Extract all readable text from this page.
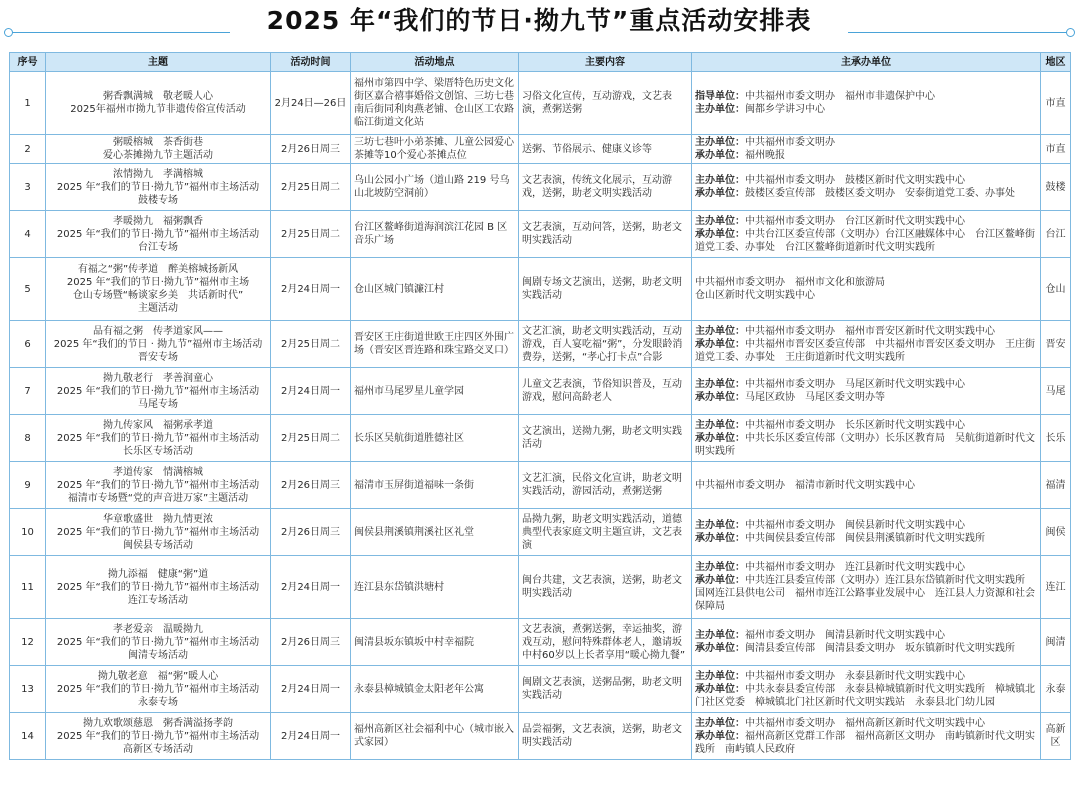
2025 年“我们的节日·拗九节”重点活动安排表
序号	主题	活动时间	活动地点	主要内容	主承办单位	地区
1	粥香飘满城　敬老暖人心
2025年福州市拗九节非遗传俗宣传活动	2月24日—26日	福州市第四中学、梁厝特色历史文化街区嘉合禧事婚俗文创馆、三坊七巷南后街同利肉燕老铺、仓山区工农路临江街道文化站	习俗文化宣传，互动游戏，文艺表演，煮粥送粥	指导单位：中共福州市委文明办　福州市非遗保护中心
主办单位：闽都乡学讲习中心	市直
2	粥暖榕城　茶香街巷
爱心茶摊拗九节主题活动	2月26日周三	三坊七巷叶小弟茶摊、儿童公园爱心茶摊等10个爱心茶摊点位	送粥、节俗展示、健康义诊等	主办单位：中共福州市委文明办
承办单位：福州晚报	市直
3	浓情拗九　孝满榕城
2025 年“我们的节日·拗九节”福州市主场活动
鼓楼专场	2月25日周二	乌山公园小广场（道山路 219 号乌山北坡防空洞前）	文艺表演，传统文化展示，互动游戏，送粥，助老文明实践活动	主办单位：中共福州市委文明办　鼓楼区新时代文明实践中心
承办单位：鼓楼区委宣传部　鼓楼区委文明办　安泰街道党工委、办事处	鼓楼
4	孝暖拗九　福粥飘香
2025 年“我们的节日·拗九节”福州市主场活动
台江专场	2月25日周二	台江区鳌峰街道海润滨江花园 B 区音乐广场	文艺表演，互动问答，送粥，助老文明实践活动	主办单位：中共福州市委文明办　台江区新时代文明实践中心
承办单位：中共台江区委宣传部（文明办）台江区融媒体中心　台江区鳌峰街道党工委、办事处　台江区鳌峰街道新时代文明实践所	台江
5	有福之“粥”传孝道　醉美榕城扬新风
2025 年“我们的节日·拗九节”福州市主场
仓山专场暨“畅谈家乡美　共话新时代”
主题活动	2月24日周一	仓山区城门镇濂江村	闽剧专场文艺演出，送粥，助老文明实践活动	中共福州市委文明办　福州市文化和旅游局
仓山区新时代文明实践中心	仓山
6	品有福之粥　传孝道家风——
2025 年“我们的节日 · 拗九节”福州市主场活动
晋安专场	2月25日周二	晋安区王庄街道世欧王庄四区外围广场（晋安区晋连路和珠宝路交叉口）	文艺汇演，助老文明实践活动，互动游戏，百人宴吃福“粥”，分发眼龄消费券，送粥，“孝心打卡点”合影	主办单位：中共福州市委文明办　福州市晋安区新时代文明实践中心
承办单位：中共福州市晋安区委宣传部　中共福州市晋安区委文明办　王庄街道党工委、办事处　王庄街道新时代文明实践所	晋安
7	拗九敬老行　孝善润童心
2025 年“我们的节日·拗九节”福州市主场活动
马尾专场	2月24日周一	福州市马尾罗星儿童学园	儿童文艺表演，节俗知识普及，互动游戏，慰问高龄老人	主办单位：中共福州市委文明办　马尾区新时代文明实践中心
承办单位：马尾区政协　马尾区委文明办等	马尾
8	拗九传家风　福粥承孝道
2025 年“我们的节日·拗九节”福州市主场活动
长乐区专场活动	2月25日周二	长乐区吴航街道胜德社区	文艺演出，送拗九粥，助老文明实践活动	主办单位：中共福州市委文明办　长乐区新时代文明实践中心
承办单位：中共长乐区委宣传部（文明办）长乐区教育局　吴航街道新时代文明实践所	长乐
9	孝道传家　情满榕城
2025 年“我们的节日·拗九节”福州市主场活动
福清市专场暨“党的声音进万家”主题活动	2月26日周三	福清市玉屏街道福味一条街	文艺汇演，民俗文化宣讲，助老文明实践活动，游园活动，煮粥送粥	中共福州市委文明办　福清市新时代文明实践中心	福清
10	华章歌盛世　拗九情更浓
2025 年“我们的节日·拗九节”福州市主场活动
闽侯县专场活动	2月26日周三	闽侯县荆溪镇荆溪社区礼堂	品拗九粥，助老文明实践活动，道德典型代表家庭文明主题宣讲，文艺表演	主办单位：中共福州市委文明办　闽侯县新时代文明实践中心
承办单位：中共闽侯县委宣传部　闽侯县荆溪镇新时代文明实践所	闽侯
11	拗九添福　健康“粥”道
2025 年“我们的节日·拗九节”福州市主场活动
连江专场活动	2月24日周一	连江县东岱镇洪塘村	闽台共建，文艺表演，送粥，助老文明实践活动	主办单位：中共福州市委文明办　连江县新时代文明实践中心
承办单位：中共连江县委宣传部（文明办）连江县东岱镇新时代文明实践所　国网连江县供电公司　福州市连江公路事业发展中心　连江县人力资源和社会保障局	连江
12	孝老爱亲　温暖拗九
2025 年“我们的节日·拗九节”福州市主场活动
闽清专场活动	2月26日周三	闽清县坂东镇坂中村幸福院	文艺表演，煮粥送粥，幸运抽奖，游戏互动，慰问特殊群体老人，邀请坂中村60岁以上长者享用“暖心拗九餐”	主办单位：福州市委文明办　闽清县新时代文明实践中心
承办单位：闽清县委宣传部　闽清县委文明办　坂东镇新时代文明实践所	闽清
13	拗九敬老意　福“粥”暖人心
2025 年“我们的节日·拗九节”福州市主场活动
永泰专场	2月24日周一	永泰县樟城镇金太阳老年公寓	闽剧文艺表演，送粥品粥，助老文明实践活动	主办单位：中共福州市委文明办　永泰县新时代文明实践中心
承办单位：中共永泰县委宣传部　永泰县樟城镇新时代文明实践所　樟城镇北门社区党委　樟城镇北门社区新时代文明实践站　永泰县北门幼儿园	永泰
14	拗九欢歌颂慈恩　粥香满溢扬孝韵
2025 年“我们的节日·拗九节”福州市主场活动
高新区专场活动	2月24日周一	福州高新区社会福利中心（城市嵌入式家园）	品尝福粥，文艺表演，送粥，助老文明实践活动	主办单位：中共福州市委文明办　福州高新区新时代文明实践中心
承办单位：福州高新区党群工作部　福州高新区文明办　南屿镇新时代文明实践所　南屿镇人民政府	高新区
